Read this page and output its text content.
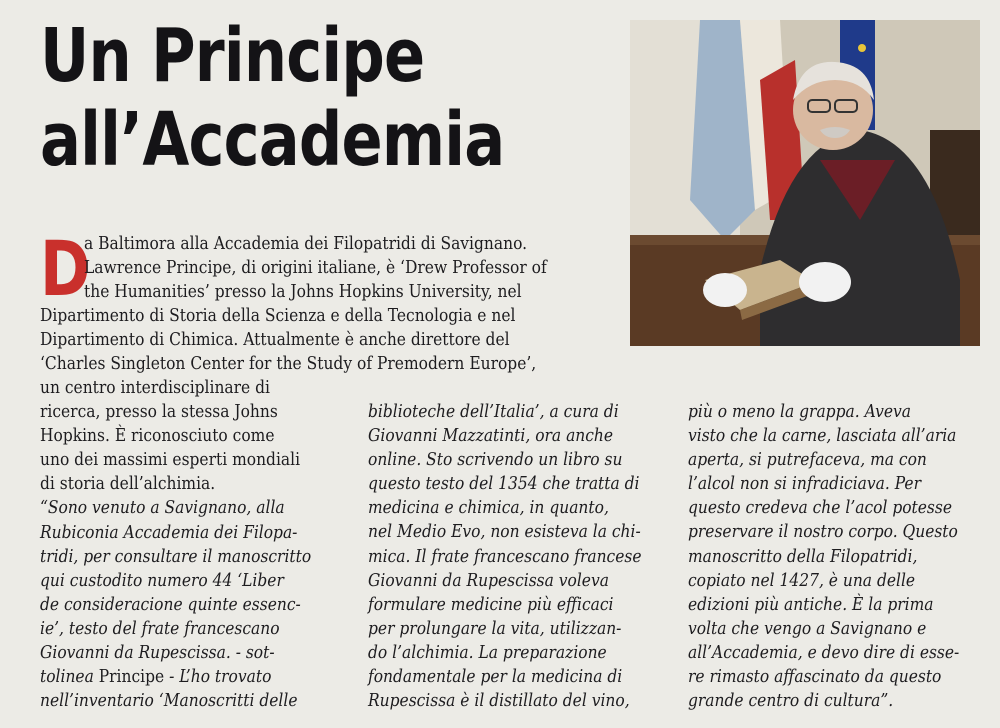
Un Principe
all’Accademia
D
a Baltimora alla Accademia dei Filopatridi di Savignano.
Lawrence Principe, di origini italiane, è ‘Drew Professor of
the Humanities’ presso la Johns Hopkins University, nel
Dipartimento di Storia della Scienza e della Tecnologia e nel
Dipartimento di Chimica. Attualmente è anche direttore del
‘Charles Singleton Center for the Study of Premodern Europe’,
un centro interdisciplinare di
ricerca, presso la stessa Johns
Hopkins. È riconosciuto come
uno dei massimi esperti mondiali
di storia dell’alchimia.
“Sono venuto a Savignano, alla
Rubiconia Accademia dei Filopa-
tridi, per consultare il manoscritto
qui custodito numero 44 ‘Liber
de consideracione quinte essenc-
ie’, testo del frate francescano
Giovanni da Rupescissa. - sot-
tolinea Principe - L’ho trovato
nell’inventario ‘Manoscritti delle
biblioteche dell’Italia’, a cura di
Giovanni Mazzatinti, ora anche
online. Sto scrivendo un libro su
questo testo del 1354 che tratta di
medicina e chimica, in quanto,
nel Medio Evo, non esisteva la chi-
mica. Il frate francescano francese
Giovanni da Rupescissa voleva
formulare medicine più efficaci
per prolungare la vita, utilizzan-
do l’alchimia. La preparazione
fondamentale per la medicina di
Rupescissa è il distillato del vino,
più o meno la grappa. Aveva
visto che la carne, lasciata all’aria
aperta, si putrefaceva, ma con
l’alcol non si infradiciava. Per
questo credeva che l’acol potesse
preservare il nostro corpo. Questo
manoscritto della Filopatridi,
copiato nel 1427, è una delle
edizioni più antiche. È la prima
volta che vengo a Savignano e
all’Accademia, e devo dire di esse-
re rimasto affascinato da questo
grande centro di cultura”.
